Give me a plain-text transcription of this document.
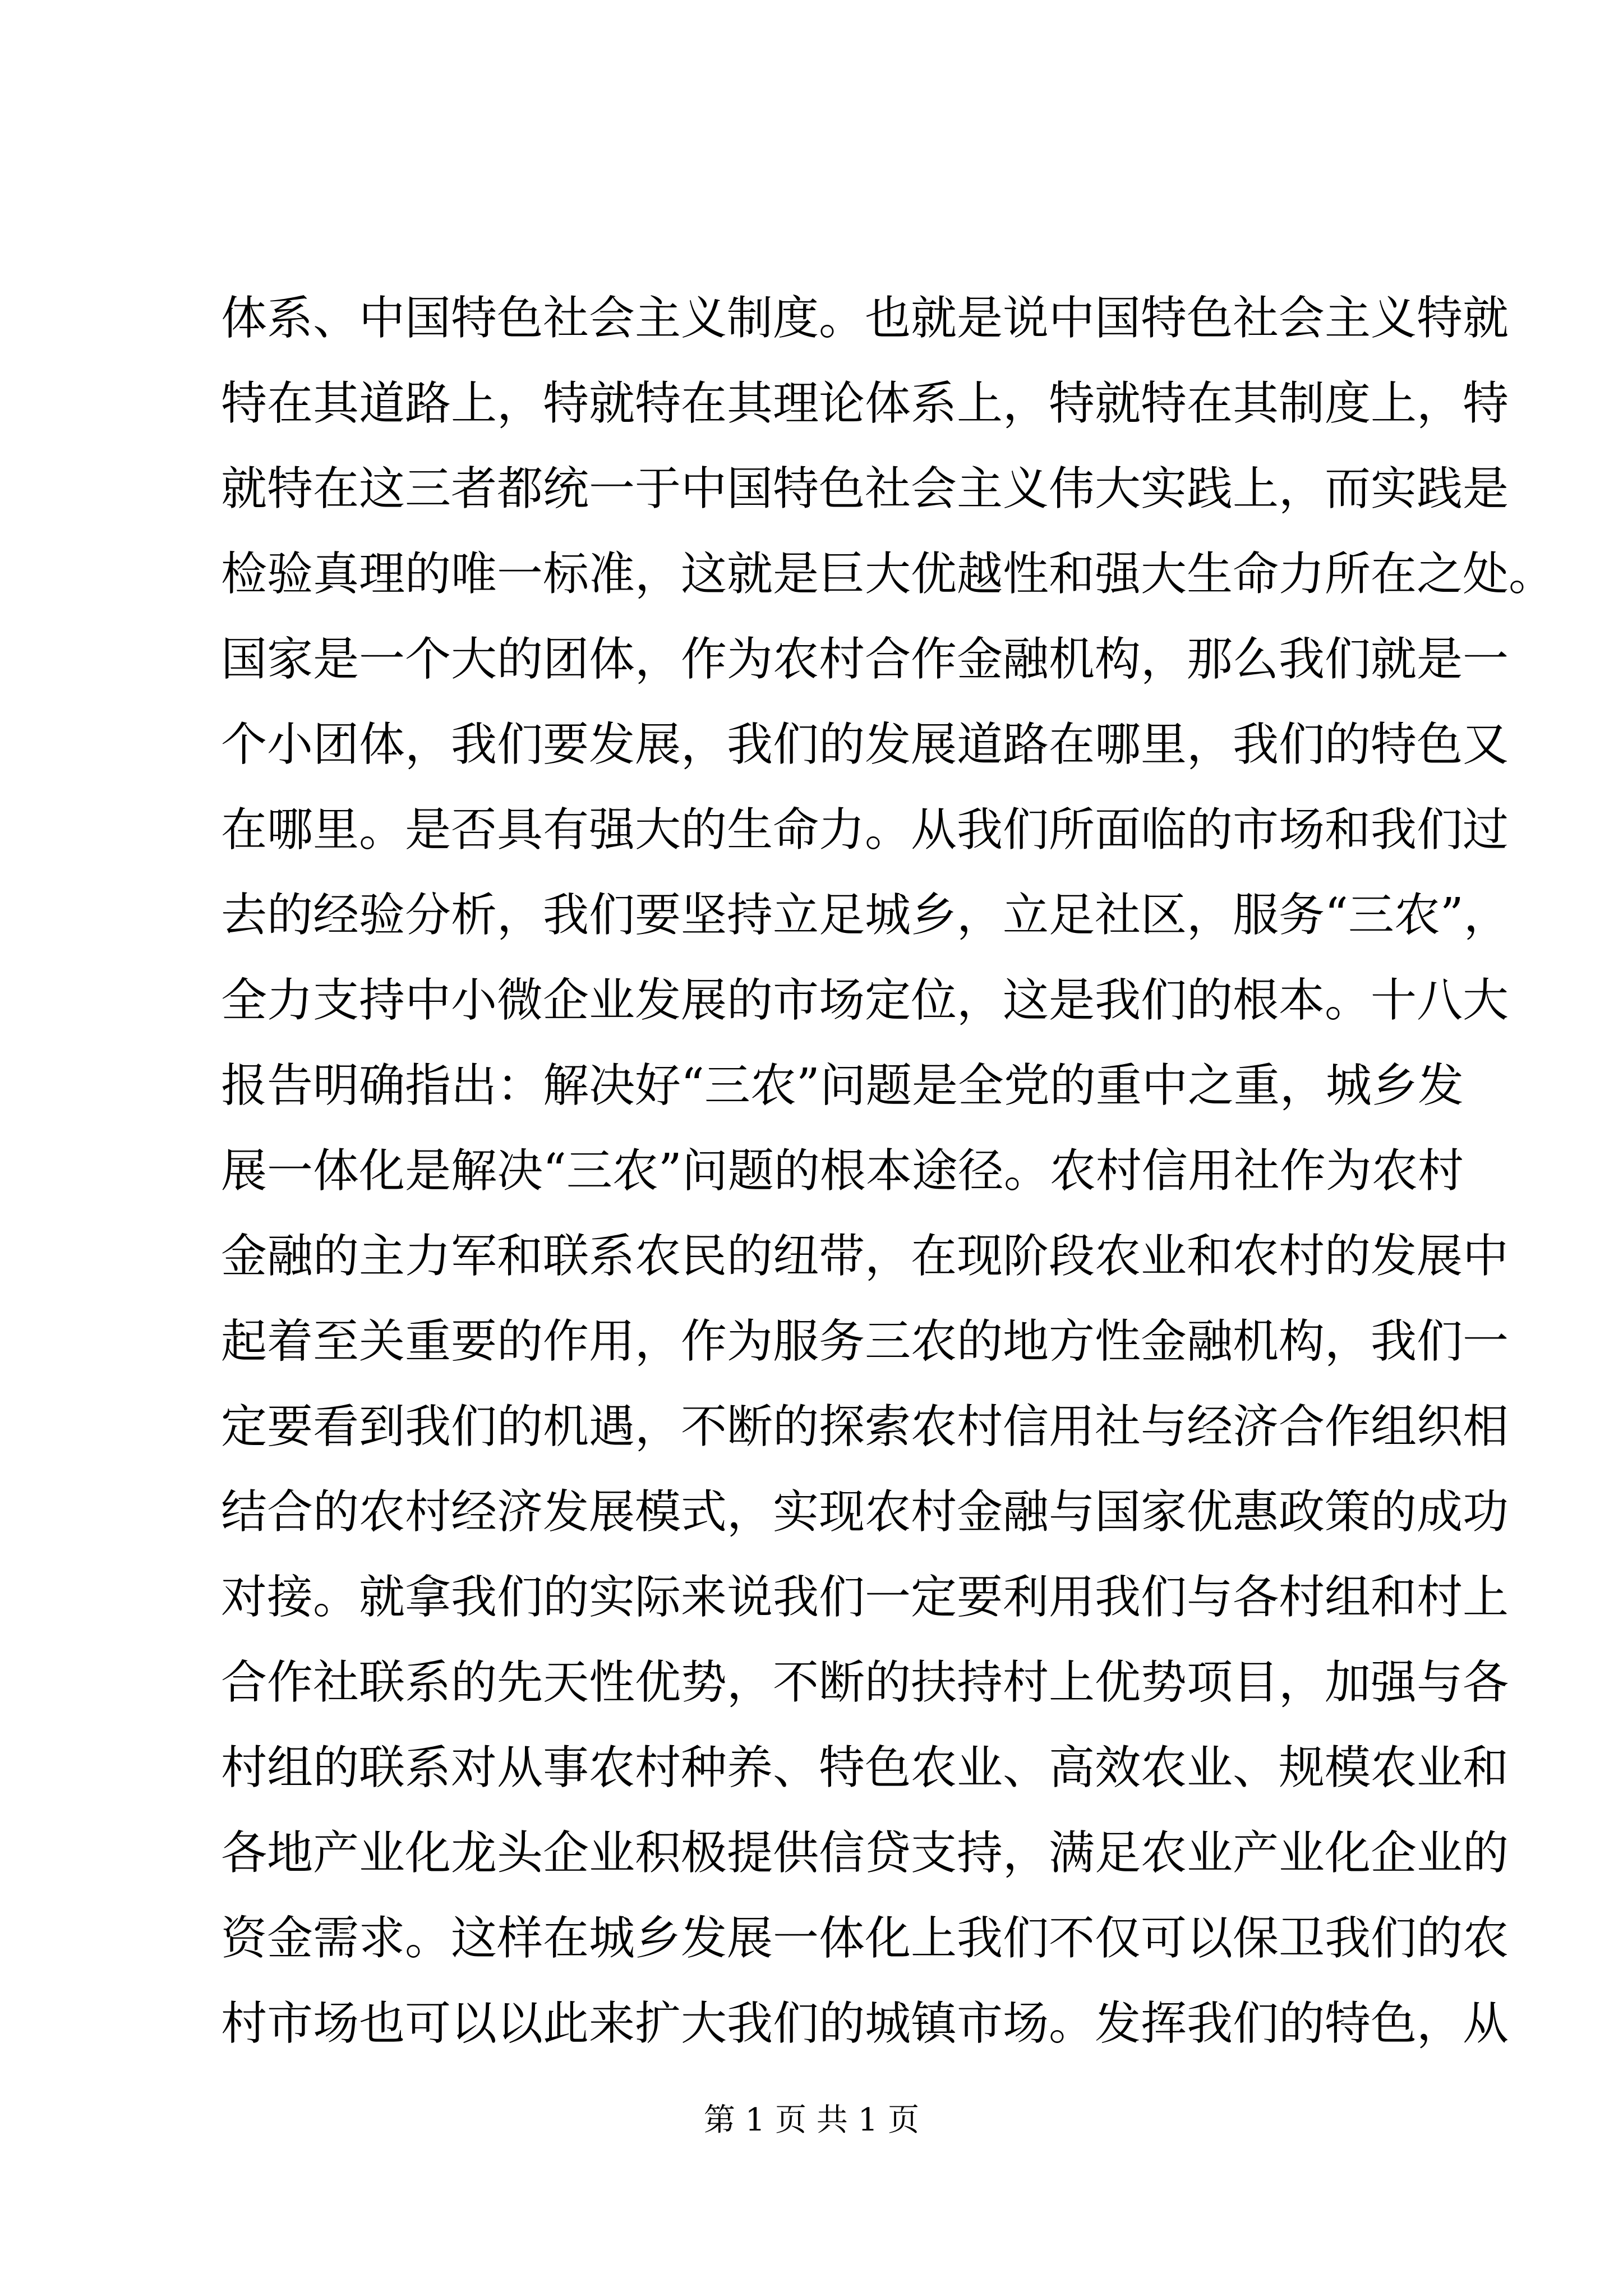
体系、中国特色社会主义制度。也就是说中国特色社会主义特就
特在其道路上，特就特在其理论体系上，特就特在其制度上，特
就特在这三者都统一于中国特色社会主义伟大实践上，而实践是
检验真理的唯一标准，这就是巨大优越性和强大生命力所在之处。
国家是一个大的团体，作为农村合作金融机构，那么我们就是一
个小团体，我们要发展，我们的发展道路在哪里，我们的特色又
在哪里。是否具有强大的生命力。从我们所面临的市场和我们过
去的经验分析，我们要坚持立足城乡，立足社区，服务“三农”，
全力支持中小微企业发展的市场定位，这是我们的根本。十八大
报告明确指出：解决好“三农”问题是全党的重中之重，城乡发
展一体化是解决“三农”问题的根本途径。农村信用社作为农村
金融的主力军和联系农民的纽带，在现阶段农业和农村的发展中
起着至关重要的作用，作为服务三农的地方性金融机构，我们一
定要看到我们的机遇，不断的探索农村信用社与经济合作组织相
结合的农村经济发展模式，实现农村金融与国家优惠政策的成功
对接。就拿我们的实际来说我们一定要利用我们与各村组和村上
合作社联系的先天性优势，不断的扶持村上优势项目，加强与各
村组的联系对从事农村种养、特色农业、高效农业、规模农业和
各地产业化龙头企业积极提供信贷支持，满足农业产业化企业的
资金需求。这样在城乡发展一体化上我们不仅可以保卫我们的农
村市场也可以以此来扩大我们的城镇市场。发挥我们的特色，从
第 1 页 共 1 页
